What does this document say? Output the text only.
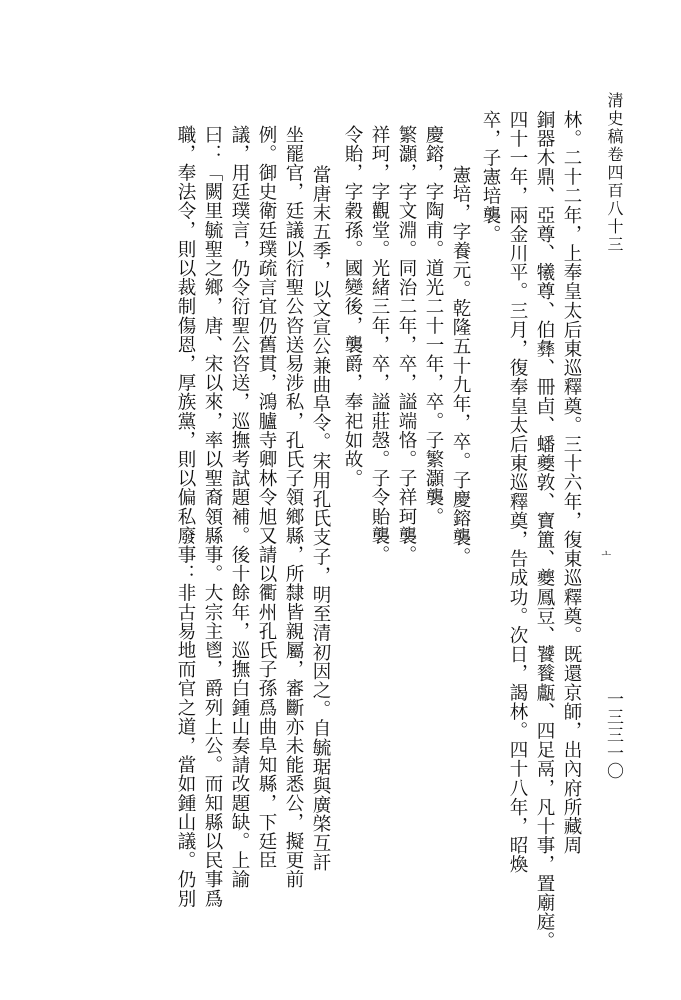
清史稿卷四百八十三
ㅗ
一三三一〇
林。二十二年，上奉皇太后東巡釋奠。三十六年，復東巡釋奠。既還京師，出內府所藏周
銅器木鼎、亞尊、犧尊、伯彝、冊卣、蟠夔敦、寶簠、夔鳳豆、饕餮甗、四足鬲，凡十事，置廟庭。
四十一年，兩金川平。三月，復奉皇太后東巡釋奠，告成功。次日，謁林。四十八年，昭煥
卒，子憲培襲。
憲培，字養元。乾隆五十九年，卒。子慶鎔襲。
慶鎔，字陶甫。道光二十一年，卒。子繁灝襲。
繁灝，字文淵。同治二年，卒，謚端恪。子祥珂襲。
祥珂，字觀堂。光緒三年，卒，謚莊愨。子令貽襲。
令貽，字穀孫。國變後，襲爵，奉祀如故。
當唐末五季，以文宣公兼曲阜令。宋用孔氏支子，明至清初因之。自毓琚與廣棨互訐
坐罷官，廷議以衍聖公咨送易涉私，孔氏子領鄉縣，所隸皆親屬，審斷亦未能悉公，擬更前
例。御史衛廷璞疏言宜仍舊貫，鴻臚寺卿林令旭又請以衢州孔氏子孫爲曲阜知縣，下廷臣
議，用廷璞言，仍令衍聖公咨送，巡撫考試題補。後十餘年，巡撫白鍾山奏請改題缺。上諭
曰：「闕里毓聖之鄉，唐、宋以來，率以聖裔領縣事。大宗主鬯，爵列上公。而知縣以民事爲
職，奉法令，則以裁制傷恩，厚族黨，則以偏私廢事：非古易地而官之道，當如鍾山議。仍別
